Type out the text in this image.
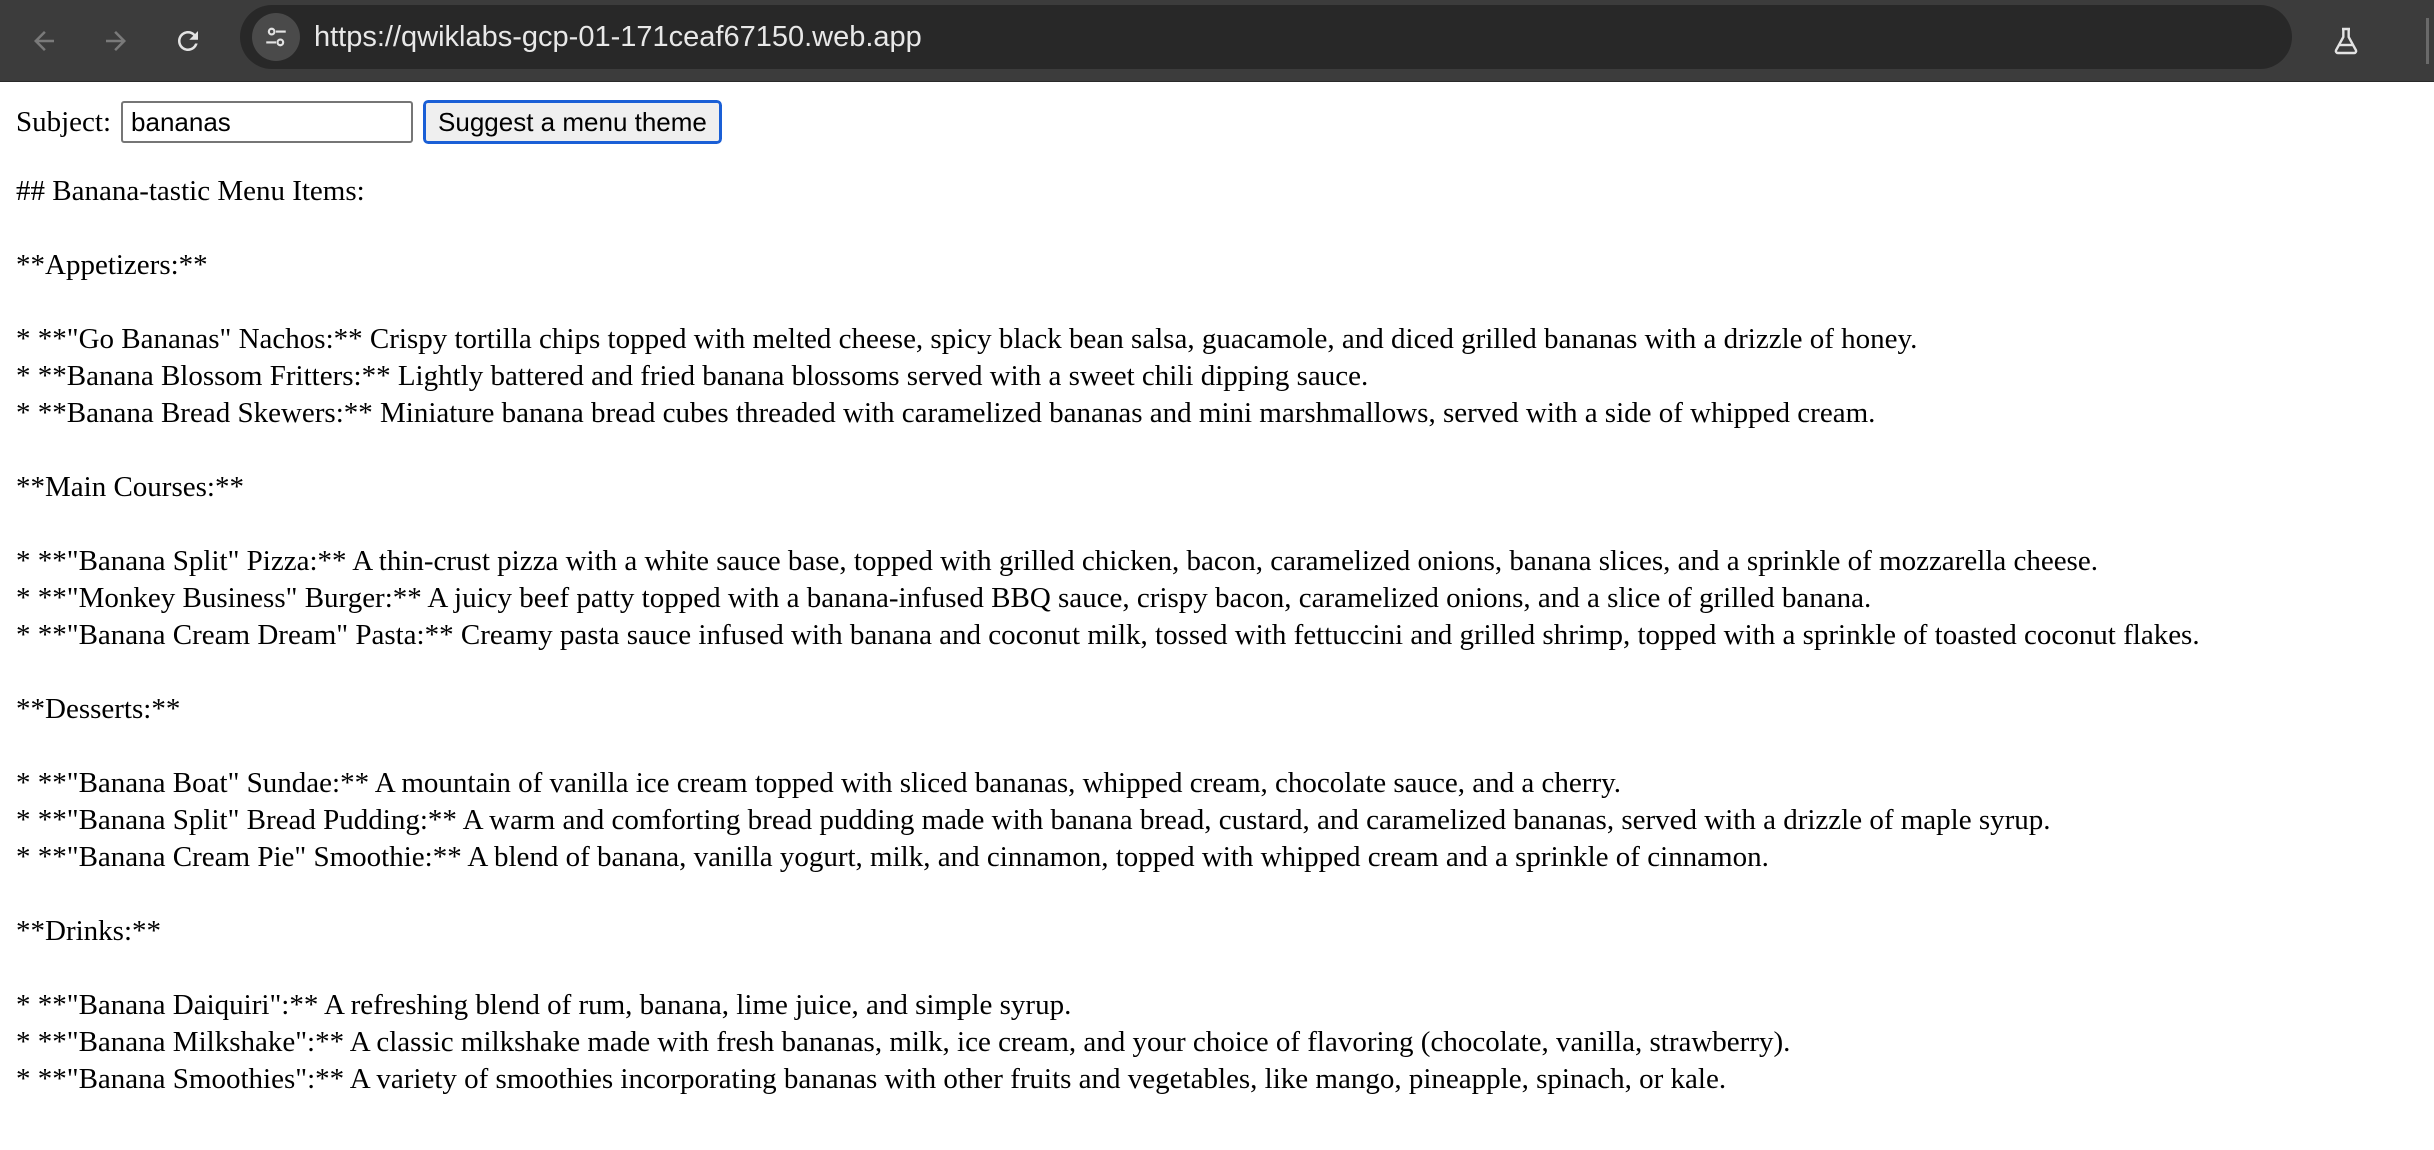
https://qwiklabs-gcp-01-171ceaf67150.web.app
Subject:
bananas	Suggest a menu theme
## Banana-tastic Menu Items:
**Appetizers:**
* **"Go Bananas" Nachos:** Crispy tortilla chips topped with melted cheese, spicy black bean salsa, guacamole, and diced grilled bananas with a drizzle of honey.
* **Banana Blossom Fritters:** Lightly battered and fried banana blossoms served with a sweet chili dipping sauce.
* **Banana Bread Skewers:** Miniature banana bread cubes threaded with caramelized bananas and mini marshmallows, served with a side of whipped cream.
**Main Courses:**
* **"Banana Split" Pizza:** A thin-crust pizza with a white sauce base, topped with grilled chicken, bacon, caramelized onions, banana slices, and a sprinkle of mozzarella cheese.
* **"Monkey Business" Burger:** A juicy beef patty topped with a banana-infused BBQ sauce, crispy bacon, caramelized onions, and a slice of grilled banana.
* **"Banana Cream Dream" Pasta:** Creamy pasta sauce infused with banana and coconut milk, tossed with fettuccini and grilled shrimp, topped with a sprinkle of toasted coconut flakes.
**Desserts:**
* **"Banana Boat" Sundae:** A mountain of vanilla ice cream topped with sliced bananas, whipped cream, chocolate sauce, and a cherry.
* **"Banana Split" Bread Pudding:** A warm and comforting bread pudding made with banana bread, custard, and caramelized bananas, served with a drizzle of maple syrup.
* **"Banana Cream Pie" Smoothie:** A blend of banana, vanilla yogurt, milk, and cinnamon, topped with whipped cream and a sprinkle of cinnamon.
**Drinks:**
* **"Banana Daiquiri":** A refreshing blend of rum, banana, lime juice, and simple syrup.
* **"Banana Milkshake":** A classic milkshake made with fresh bananas, milk, ice cream, and your choice of flavoring (chocolate, vanilla, strawberry).
* **"Banana Smoothies":** A variety of smoothies incorporating bananas with other fruits and vegetables, like mango, pineapple, spinach, or kale.
